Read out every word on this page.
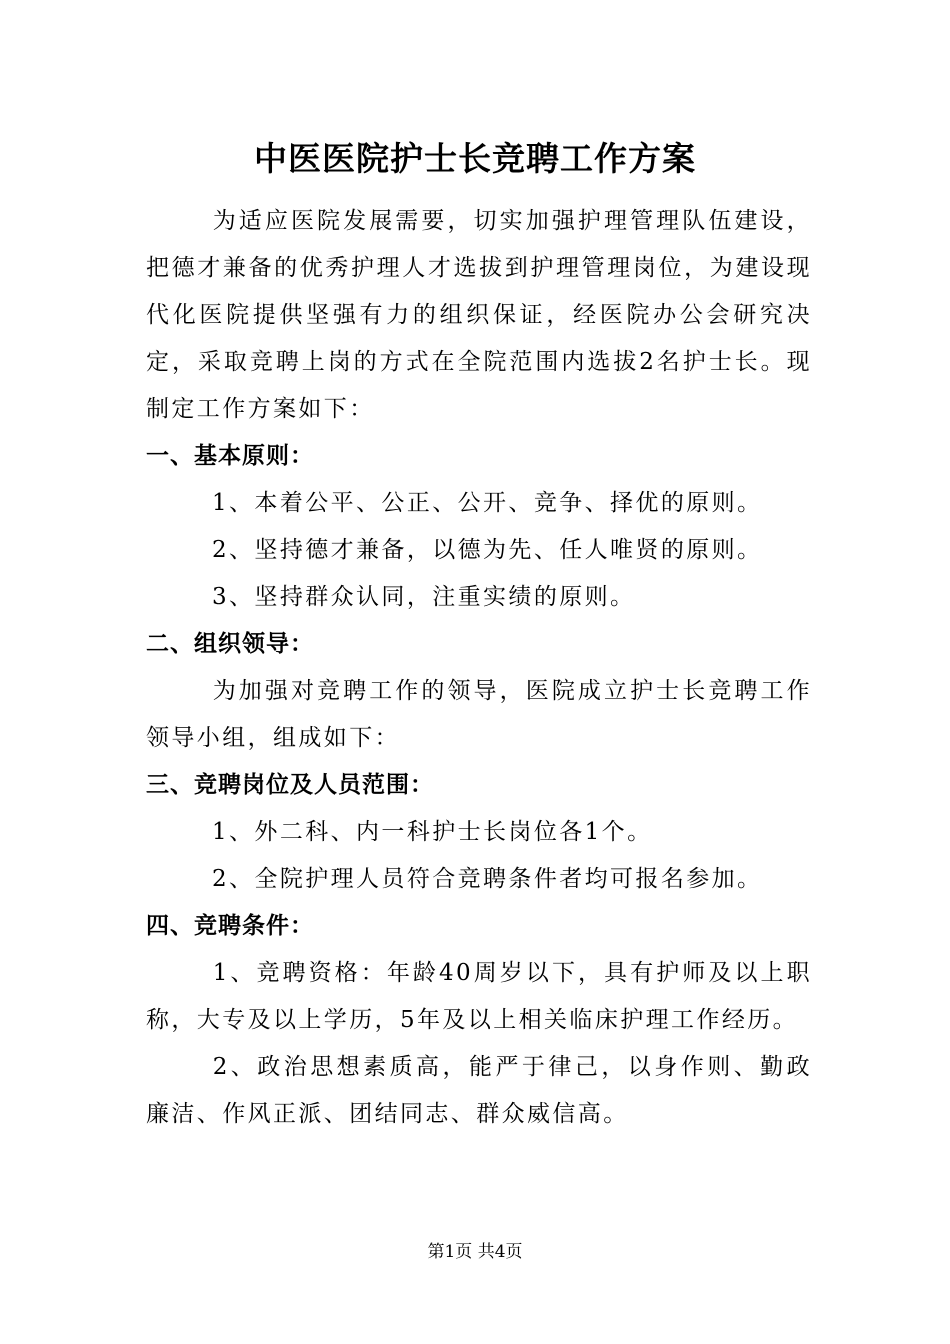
中医医院护士长竞聘工作方案

为适应医院发展需要，切实加强护理管理队伍建设，把德才兼备的优秀护理人才选拔到护理管理岗位，为建设现代化医院提供坚强有力的组织保证，经医院办公会研究决定，采取竞聘上岗的方式在全院范围内选拔2名护士长。现制定工作方案如下：

一、基本原则：

1、本着公平、公正、公开、竞争、择优的原则。

2、坚持德才兼备，以德为先、任人唯贤的原则。

3、坚持群众认同，注重实绩的原则。

二、组织领导：

为加强对竞聘工作的领导，医院成立护士长竞聘工作领导小组，组成如下：

三、竞聘岗位及人员范围：

1、外二科、内一科护士长岗位各1个。

2、全院护理人员符合竞聘条件者均可报名参加。

四、竞聘条件：

1、竞聘资格：年龄40周岁以下，具有护师及以上职称，大专及以上学历，5年及以上相关临床护理工作经历。

2、政治思想素质高，能严于律己，以身作则、勤政廉洁、作风正派、团结同志、群众威信高。

第1页 共4页
